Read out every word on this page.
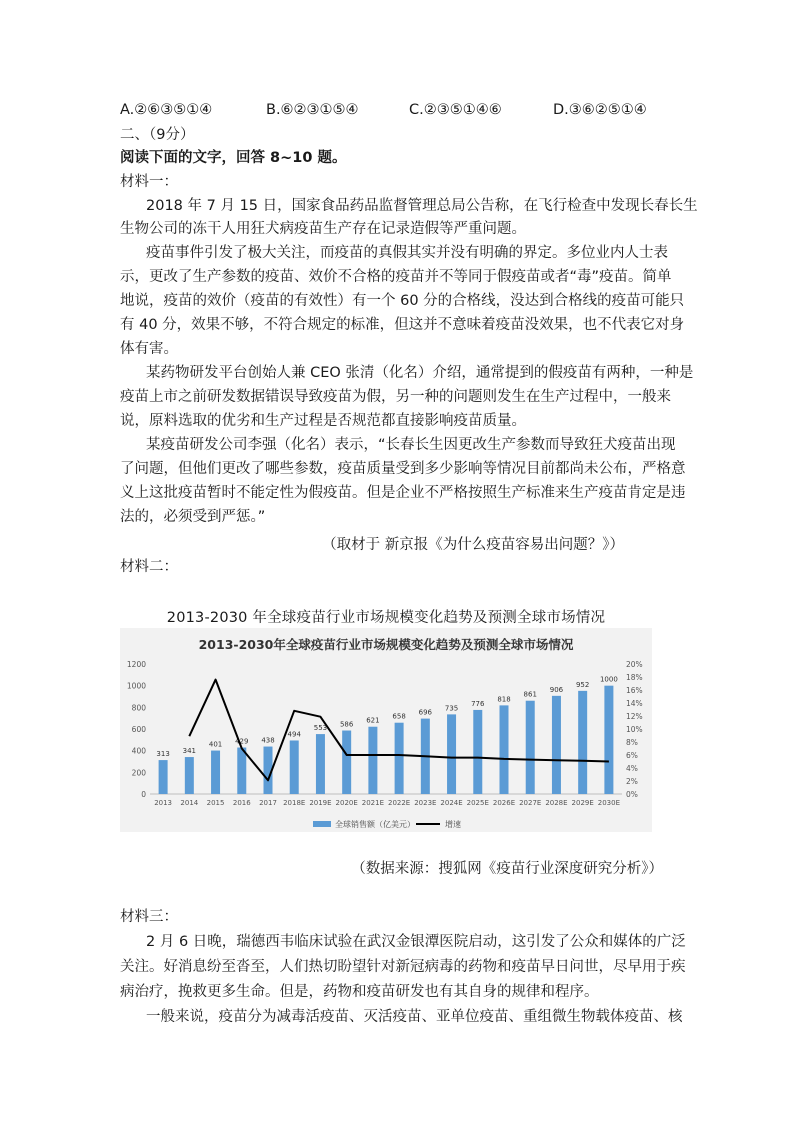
A.②⑥③⑤①④	B.⑥②③①⑤④	C.②③⑤①④⑥	D.③⑥②⑤①④
二、（9分）
阅读下面的文字，回答 8~10 题。
材料一：
2018 年 7 月 15 日，国家食品药品监督管理总局公告称，在飞行检查中发现长春长生
生物公司的冻干人用狂犬病疫苗生产存在记录造假等严重问题。
疫苗事件引发了极大关注，而疫苗的真假其实并没有明确的界定。多位业内人士表
示，更改了生产参数的疫苗、效价不合格的疫苗并不等同于假疫苗或者“毒”疫苗。简单
地说，疫苗的效价（疫苗的有效性）有一个 60 分的合格线，没达到合格线的疫苗可能只
有 40 分，效果不够，不符合规定的标准，但这并不意味着疫苗没效果，也不代表它对身
体有害。
某药物研发平台创始人兼 CEO 张清（化名）介绍，通常提到的假疫苗有两种，一种是
疫苗上市之前研发数据错误导致疫苗为假，另一种的问题则发生在生产过程中，一般来
说，原料选取的优劣和生产过程是否规范都直接影响疫苗质量。
某疫苗研发公司李强（化名）表示，“长春长生因更改生产参数而导致狂犬疫苗出现
了问题，但他们更改了哪些参数，疫苗质量受到多少影响等情况目前都尚未公布，严格意
义上这批疫苗暂时不能定性为假疫苗。但是企业不严格按照生产标准来生产疫苗肯定是违
法的，必须受到严惩。”
（取材于 新京报《为什么疫苗容易出问题？》）
材料二：
2013-2030 年全球疫苗行业市场规模变化趋势及预测全球市场情况
2013-2030年全球疫苗行业市场规模变化趋势及预测全球市场情况
0
200
400
600
800
1000
1200
0%
2%
4%
6%
8%
10%
12%
14%
16%
18%
20%
313 341
401 429 438
494
553 586 621
658
696
735
776
818
861
906
952
1000
2013 2014 2015 2016 2017 2018E 2019E 2020E 2021E 2022E 2023E 2024E 2025E 2026E 2027E 2028E 2029E 2030E
全球销售额（亿美元）	增速
（数据来源：搜狐网《疫苗行业深度研究分析》）
材料三：
2 月 6 日晚，瑞德西韦临床试验在武汉金银潭医院启动，这引发了公众和媒体的广泛
关注。好消息纷至沓至，人们热切盼望针对新冠病毒的药物和疫苗早日问世，尽早用于疾
病治疗，挽救更多生命。但是，药物和疫苗研发也有其自身的规律和程序。
一般来说，疫苗分为减毒活疫苗、灭活疫苗、亚单位疫苗、重组微生物载体疫苗、核
